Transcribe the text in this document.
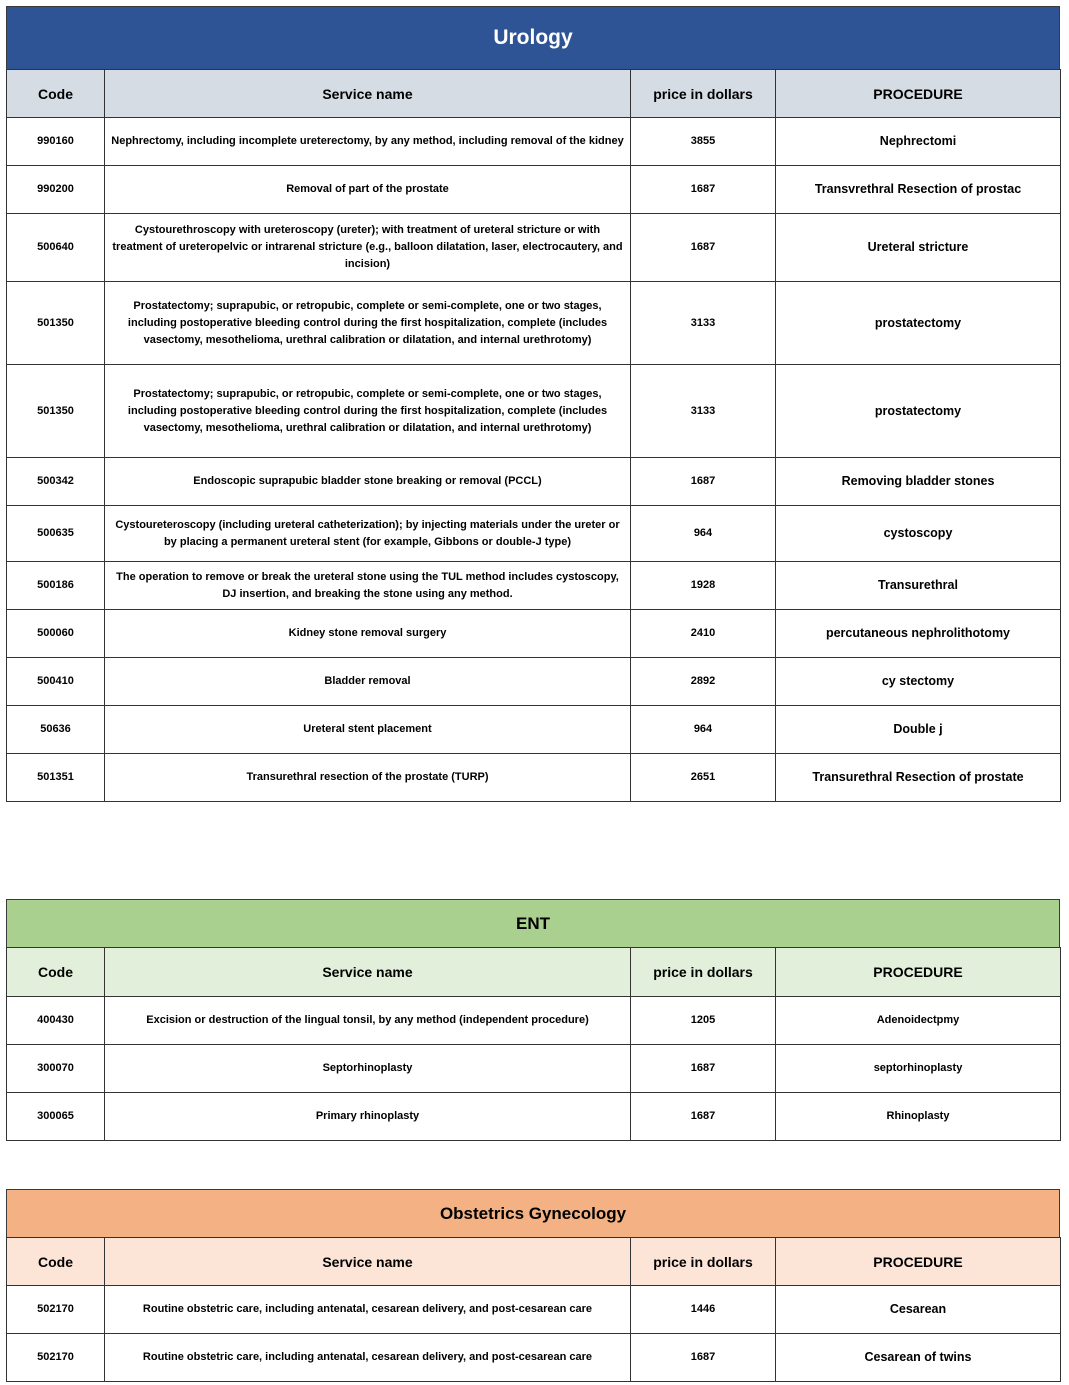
Urology
Code	Service name	price in dollars	PROCEDURE
990160	Nephrectomy, including incomplete ureterectomy, by any method, including removal of the kidney	3855	Nephrectomi
990200	Removal of part of the prostate	1687	Transvrethral Resection of prostac
500640	Cystourethroscopy with ureteroscopy (ureter); with treatment of ureteral stricture or with treatment of ureteropelvic or intrarenal stricture (e.g., balloon dilatation, laser, electrocautery, and incision)	1687	Ureteral stricture
501350	Prostatectomy; suprapubic, or retropubic, complete or semi-complete, one or two stages, including postoperative bleeding control during the first hospitalization, complete (includes vasectomy, mesothelioma, urethral calibration or dilatation, and internal urethrotomy)	3133	prostatectomy
501350	Prostatectomy; suprapubic, or retropubic, complete or semi-complete, one or two stages, including postoperative bleeding control during the first hospitalization, complete (includes vasectomy, mesothelioma, urethral calibration or dilatation, and internal urethrotomy)	3133	prostatectomy
500342	Endoscopic suprapubic bladder stone breaking or removal (PCCL)	1687	Removing bladder stones
500635	Cystoureteroscopy (including ureteral catheterization); by injecting materials under the ureter or by placing a permanent ureteral stent (for example, Gibbons or double-J type)	964	cystoscopy
500186	The operation to remove or break the ureteral stone using the TUL method includes cystoscopy, DJ insertion, and breaking the stone using any method.	1928	Transurethral
500060	Kidney stone removal surgery	2410	percutaneous nephrolithotomy
500410	Bladder removal	2892	cy stectomy
50636	Ureteral stent placement	964	Double j
501351	Transurethral resection of the prostate (TURP)	2651	Transurethral Resection of prostate
ENT
Code	Service name	price in dollars	PROCEDURE
400430	Excision or destruction of the lingual tonsil, by any method (independent procedure)	1205	Adenoidectpmy
300070	Septorhinoplasty	1687	septorhinoplasty
300065	Primary rhinoplasty	1687	Rhinoplasty
Obstetrics Gynecology
Code	Service name	price in dollars	PROCEDURE
502170	Routine obstetric care, including antenatal, cesarean delivery, and post-cesarean care	1446	Cesarean
502170	Routine obstetric care, including antenatal, cesarean delivery, and post-cesarean care	1687	Cesarean of twins
